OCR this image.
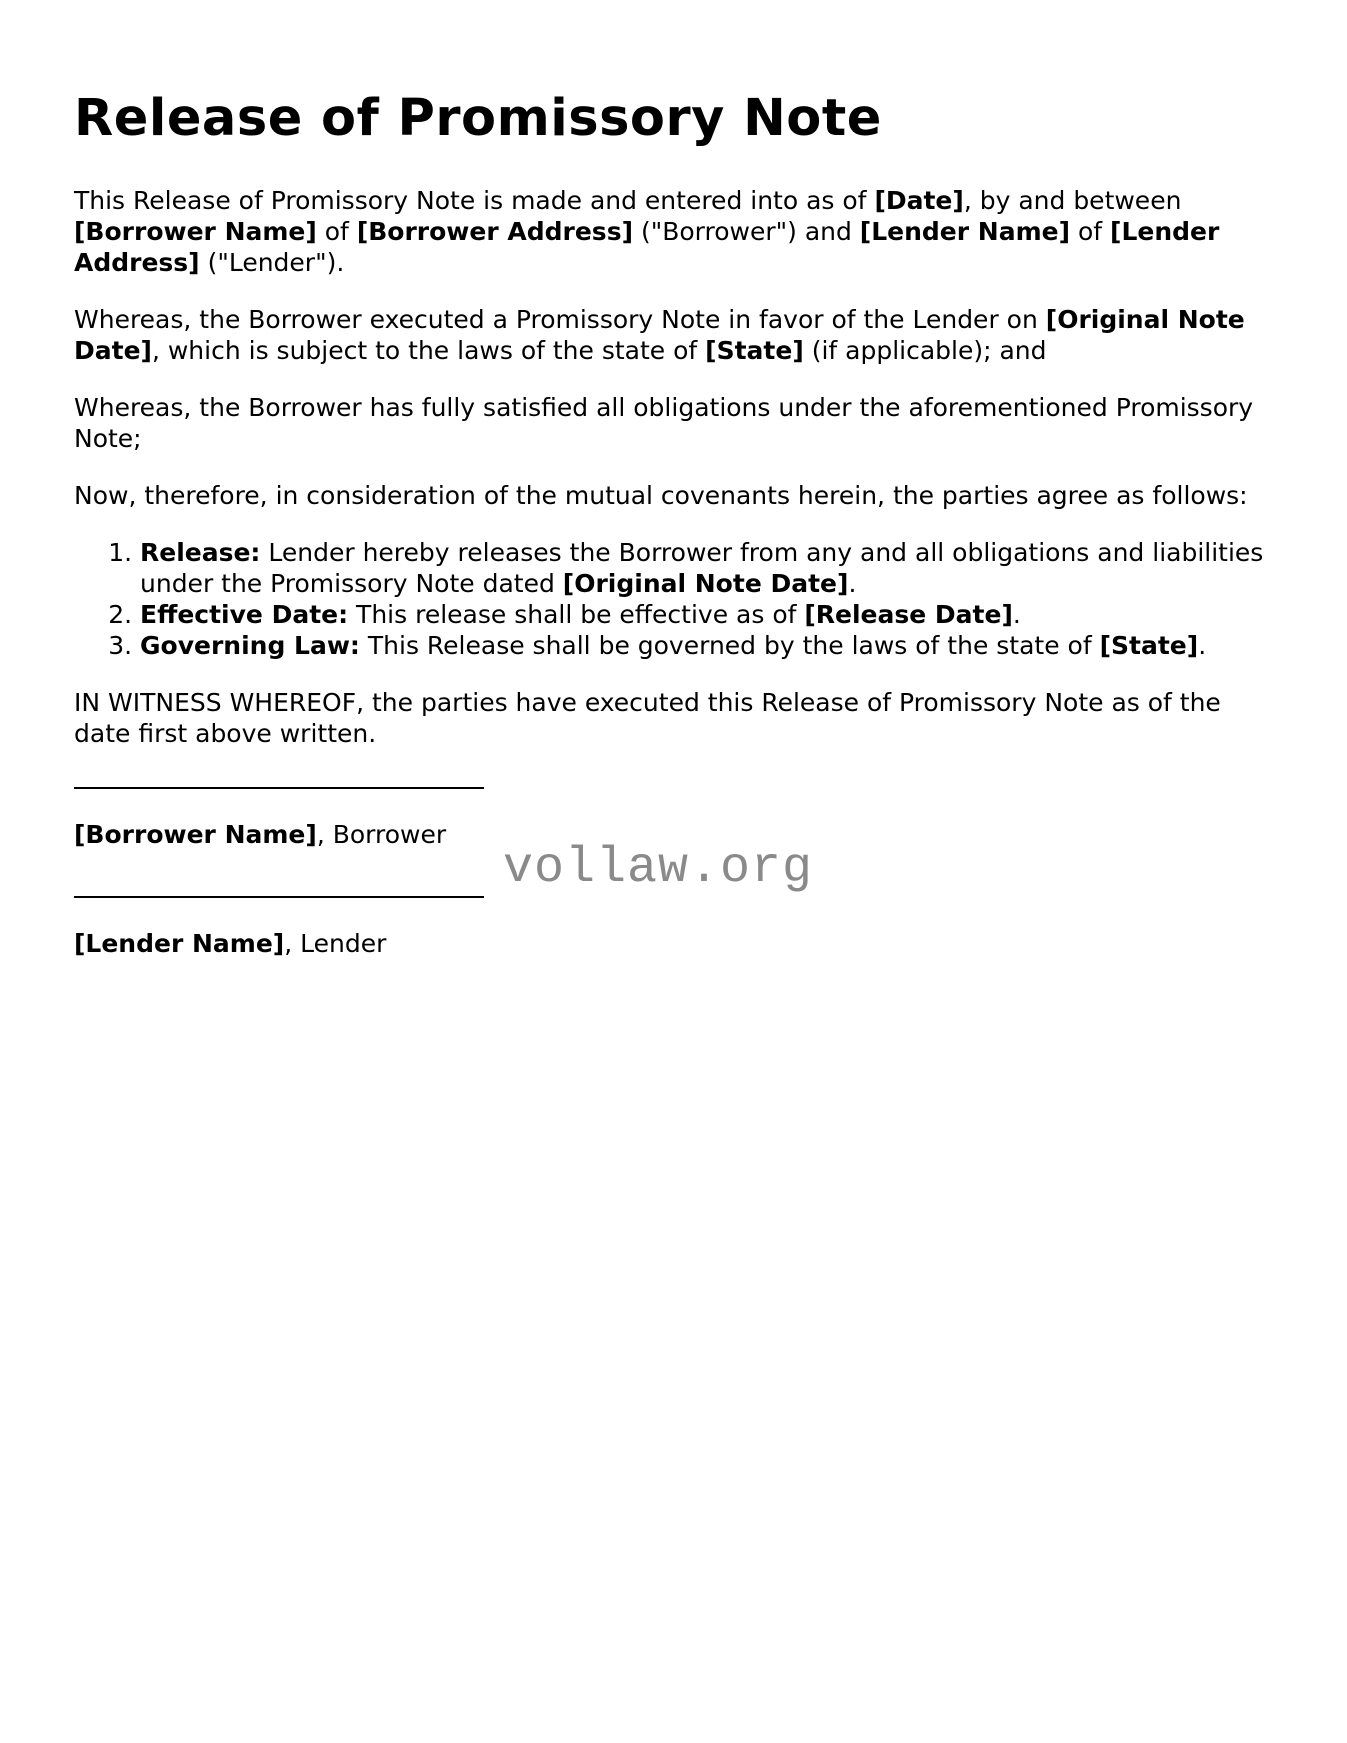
Release of Promissory Note

This Release of Promissory Note is made and entered into as of [Date], by and between [Borrower Name] of [Borrower Address] ("Borrower") and [Lender Name] of [Lender Address] ("Lender").

Whereas, the Borrower executed a Promissory Note in favor of the Lender on [Original Note Date], which is subject to the laws of the state of [State] (if applicable); and

Whereas, the Borrower has fully satisfied all obligations under the aforementioned Promissory Note;

Now, therefore, in consideration of the mutual covenants herein, the parties agree as follows:

1. Release: Lender hereby releases the Borrower from any and all obligations and liabilities under the Promissory Note dated [Original Note Date].
2. Effective Date: This release shall be effective as of [Release Date].
3. Governing Law: This Release shall be governed by the laws of the state of [State].

IN WITNESS WHEREOF, the parties have executed this Release of Promissory Note as of the date first above written.

[Borrower Name], Borrower
[Lender Name], Lender
vollaw.org
